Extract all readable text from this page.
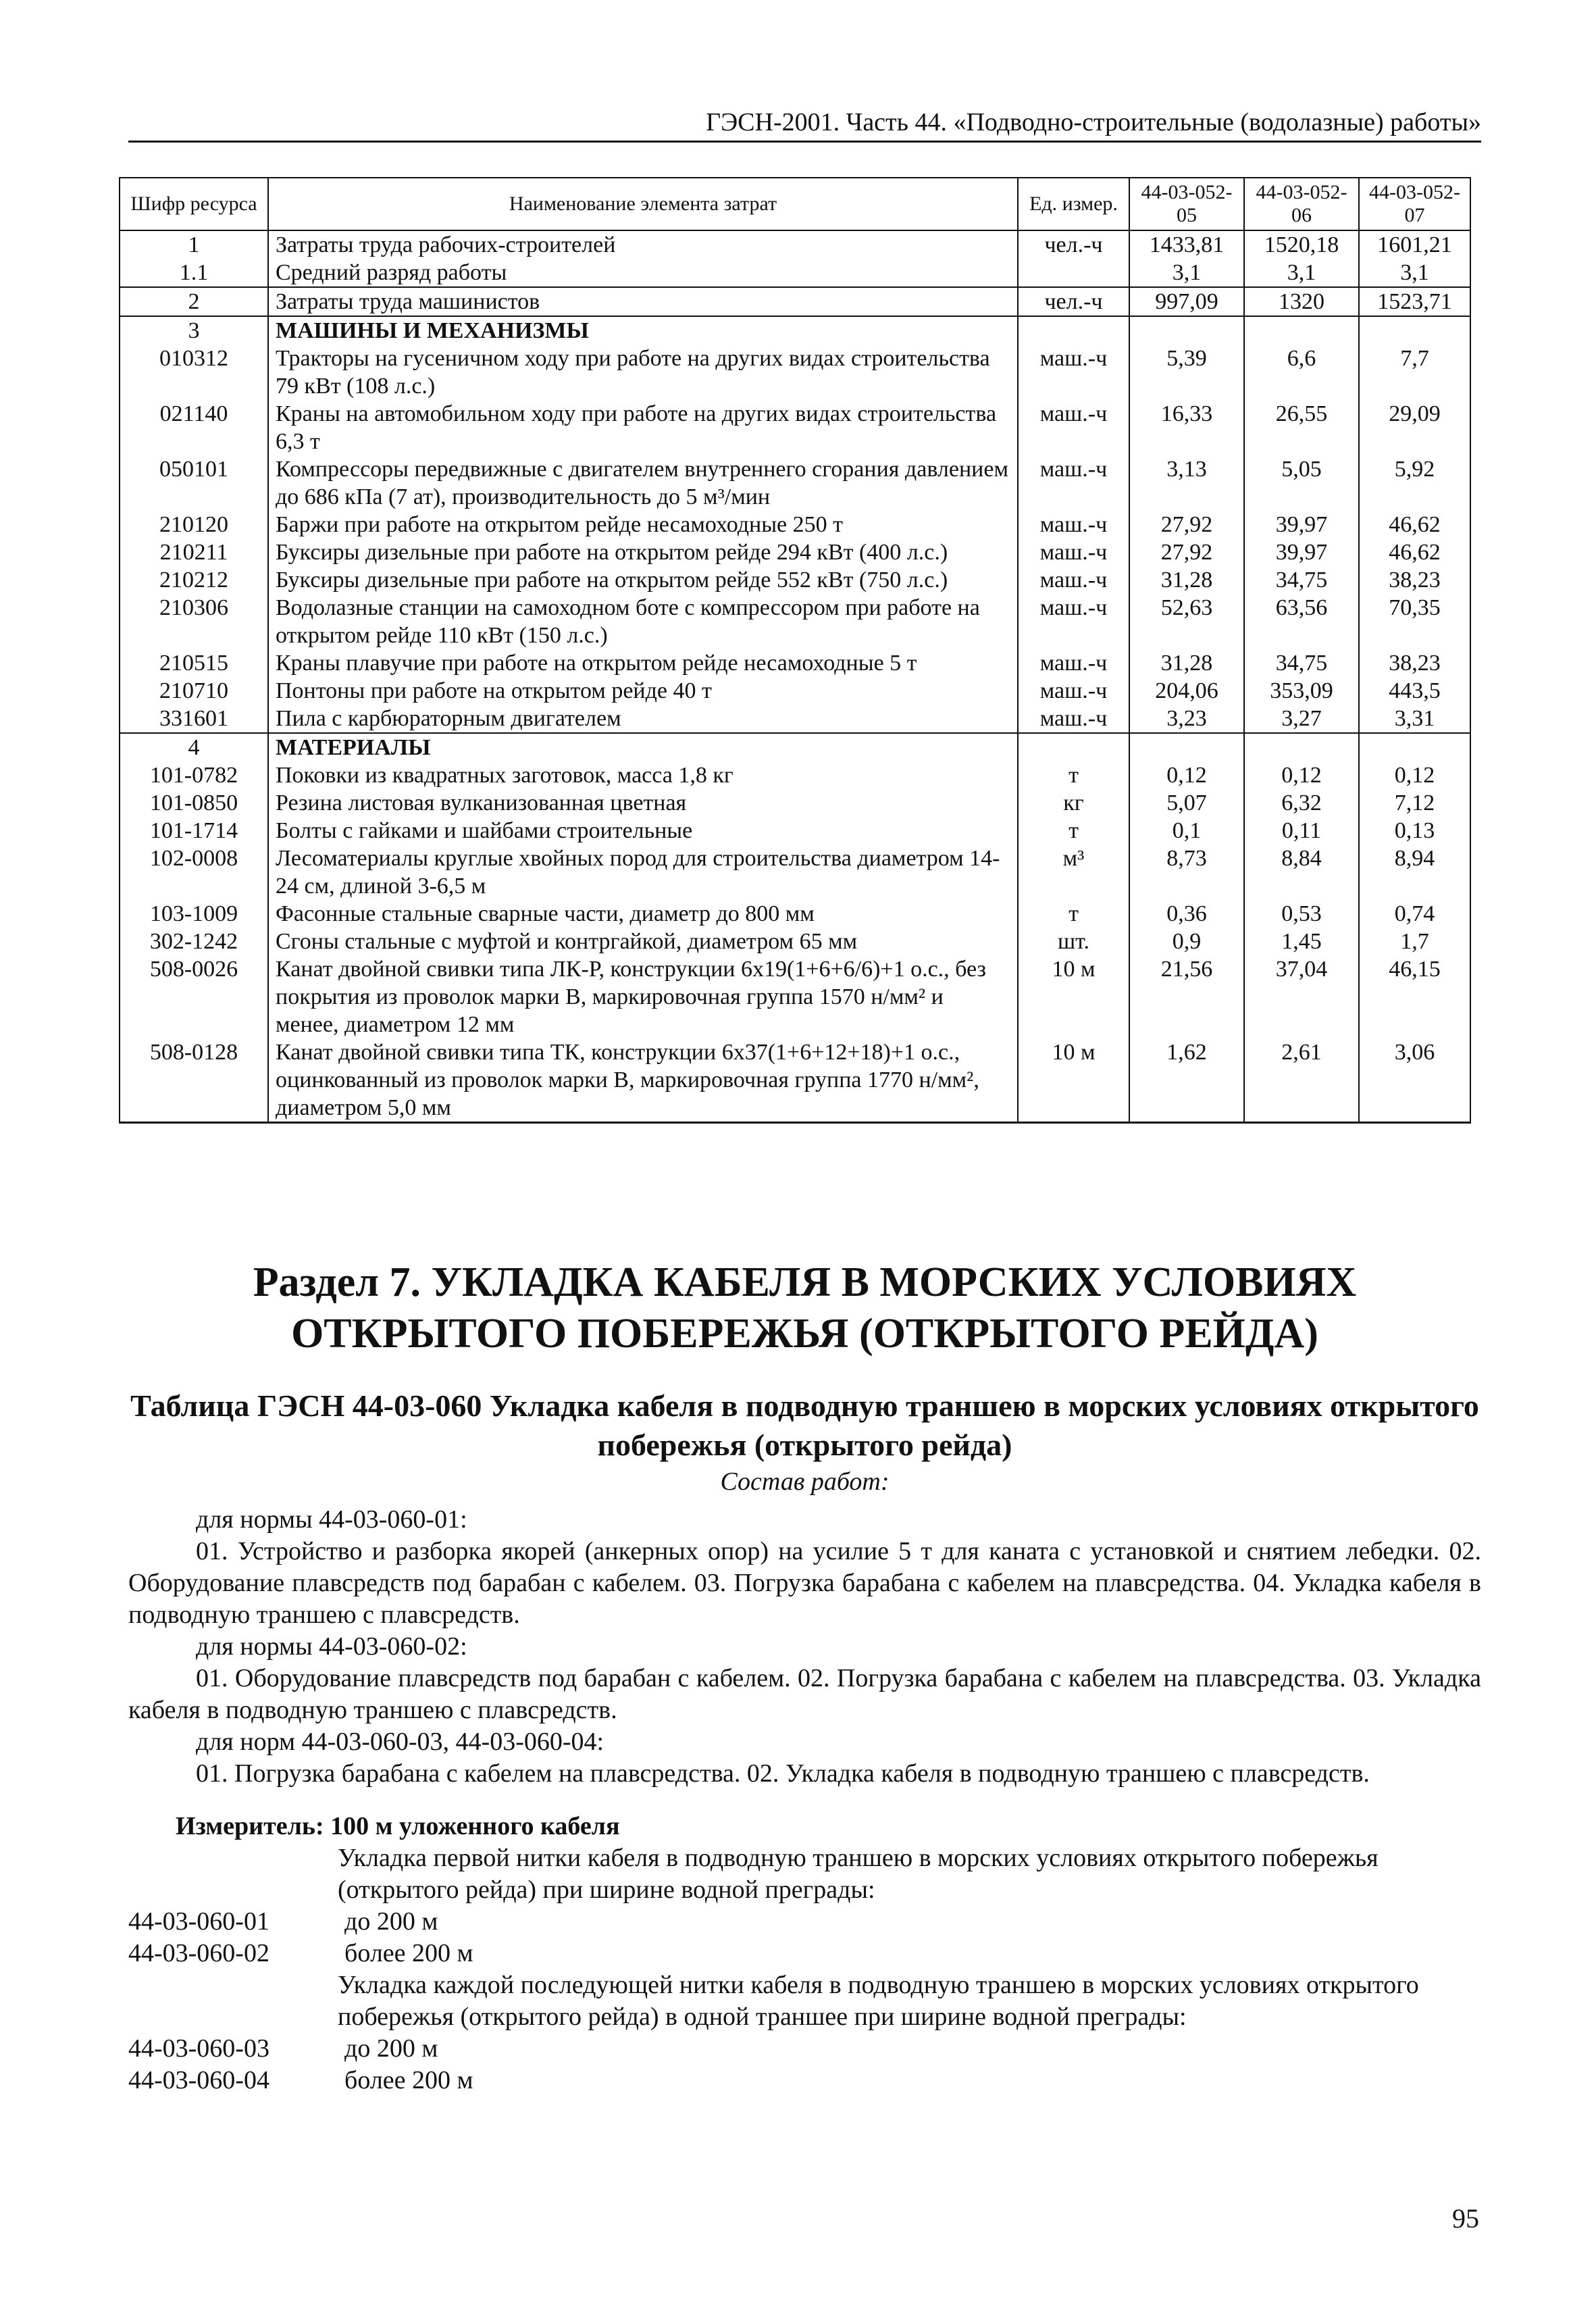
ГЭСН-2001. Часть 44. «Подводно-строительные (водолазные) работы»
Шифр ресурса	Наименование элемента затрат	Ед. измер.	44-03-052-05	44-03-052-06	44-03-052-07
1	Затраты труда рабочих-строителей	чел.-ч	1433,81	1520,18	1601,21
1.1	Средний разряд работы		3,1	3,1	3,1
2	Затраты труда машинистов	чел.-ч	997,09	1320	1523,71
3	МАШИНЫ И МЕХАНИЗМЫ				
010312	Тракторы на гусеничном ходу при работе на других видах строительства 79 кВт (108 л.с.)	маш.-ч	5,39	6,6	7,7
021140	Краны на автомобильном ходу при работе на других видах строительства 6,3 т	маш.-ч	16,33	26,55	29,09
050101	Компрессоры передвижные с двигателем внутреннего сгорания давлением до 686 кПа (7 ат), производительность до 5 м³/мин	маш.-ч	3,13	5,05	5,92
210120	Баржи при работе на открытом рейде несамоходные 250 т	маш.-ч	27,92	39,97	46,62
210211	Буксиры дизельные при работе на открытом рейде 294 кВт (400 л.с.)	маш.-ч	27,92	39,97	46,62
210212	Буксиры дизельные при работе на открытом рейде 552 кВт (750 л.с.)	маш.-ч	31,28	34,75	38,23
210306	Водолазные станции на самоходном боте с компрессором при работе на открытом рейде 110 кВт (150 л.с.)	маш.-ч	52,63	63,56	70,35
210515	Краны плавучие при работе на открытом рейде несамоходные 5 т	маш.-ч	31,28	34,75	38,23
210710	Понтоны при работе на открытом рейде 40 т	маш.-ч	204,06	353,09	443,5
331601	Пила с карбюраторным двигателем	маш.-ч	3,23	3,27	3,31
4	МАТЕРИАЛЫ				
101-0782	Поковки из квадратных заготовок, масса 1,8 кг	т	0,12	0,12	0,12
101-0850	Резина листовая вулканизованная цветная	кг	5,07	6,32	7,12
101-1714	Болты с гайками и шайбами строительные	т	0,1	0,11	0,13
102-0008	Лесоматериалы круглые хвойных пород для строительства диаметром 14-24 см, длиной 3-6,5 м	м³	8,73	8,84	8,94
103-1009	Фасонные стальные сварные части, диаметр до 800 мм	т	0,36	0,53	0,74
302-1242	Сгоны стальные с муфтой и контргайкой, диаметром 65 мм	шт.	0,9	1,45	1,7
508-0026	Канат двойной свивки типа ЛК-Р, конструкции 6х19(1+6+6/6)+1 о.с., без покрытия из проволок марки В, маркировочная группа 1570 н/мм² и менее, диаметром 12 мм	10 м	21,56	37,04	46,15
508-0128	Канат двойной свивки типа ТК, конструкции 6х37(1+6+12+18)+1 о.с., оцинкованный из проволок марки В, маркировочная группа 1770 н/мм², диаметром 5,0 мм	10 м	1,62	2,61	3,06
Раздел 7. УКЛАДКА КАБЕЛЯ В МОРСКИХ УСЛОВИЯХ ОТКРЫТОГО ПОБЕРЕЖЬЯ (ОТКРЫТОГО РЕЙДА)
Таблица ГЭСН 44-03-060 Укладка кабеля в подводную траншею в морских условиях открытого побережья (открытого рейда)
Состав работ:
для нормы 44-03-060-01:
01. Устройство и разборка якорей (анкерных опор) на усилие 5 т для каната с установкой и снятием лебедки. 02. Оборудование плавсредств под барабан с кабелем. 03. Погрузка барабана с кабелем на плавсредства. 04. Укладка кабеля в подводную траншею с плавсредств.
для нормы 44-03-060-02:
01. Оборудование плавсредств под барабан с кабелем. 02. Погрузка барабана с кабелем на плавсредства. 03. Укладка кабеля в подводную траншею с плавсредств.
для норм 44-03-060-03, 44-03-060-04:
01. Погрузка барабана с кабелем на плавсредства. 02. Укладка кабеля в подводную траншею с плавсредств.
Измеритель: 100 м уложенного кабеля
Укладка первой нитки кабеля в подводную траншею в морских условиях открытого побережья (открытого рейда) при ширине водной преграды:
44-03-060-01	до 200 м
44-03-060-02	более 200 м
Укладка каждой последующей нитки кабеля в подводную траншею в морских условиях открытого побережья (открытого рейда) в одной траншее при ширине водной преграды:
44-03-060-03	до 200 м
44-03-060-04	более 200 м
95
